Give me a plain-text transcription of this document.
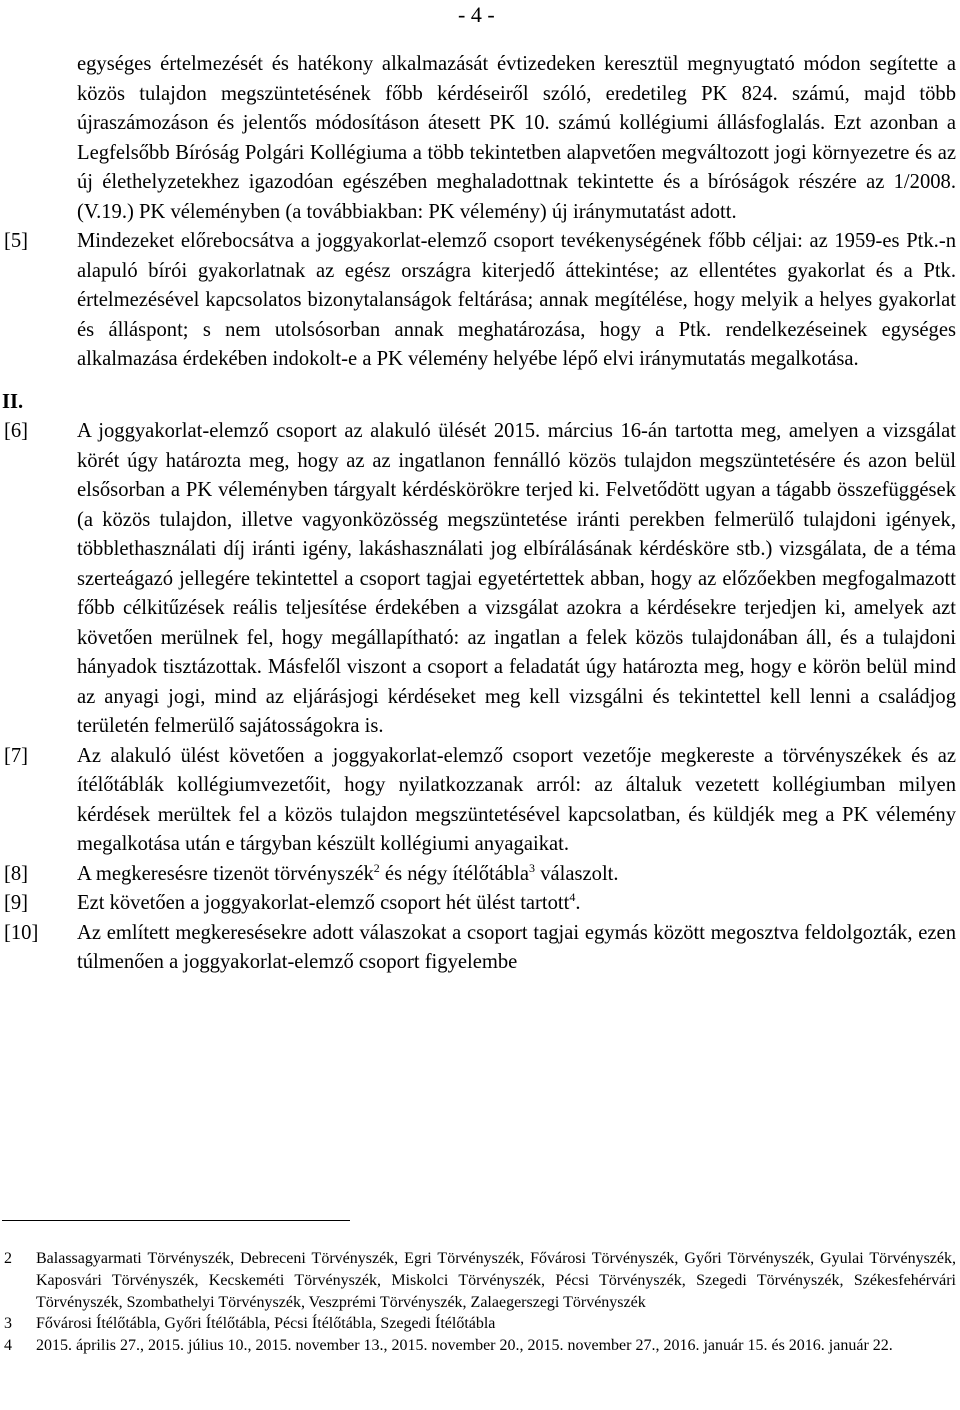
- 4 -
egységes értelmezését és hatékony alkalmazását évtizedeken keresztül megnyugtató módon segítette a közös tulajdon megszüntetésének főbb kérdéseiről szóló, eredetileg PK 824. számú, majd több újraszámozáson és jelentős módosításon átesett PK 10. számú kollégiumi állásfoglalás. Ezt azonban a Legfelsőbb Bíróság Polgári Kollégiuma a több tekintetben alapvetően megváltozott jogi környezetre és az új élethelyzetekhez igazodóan egészében meghaladottnak tekintette és a bíróságok részére az 1/2008. (V.19.) PK véleményben (a továbbiakban: PK vélemény) új iránymutatást adott.
[5] Mindezeket előrebocsátva a joggyakorlat-elemző csoport tevékenységének főbb céljai: az 1959-es Ptk.-n alapuló bírói gyakorlatnak az egész országra kiterjedő áttekintése; az ellentétes gyakorlat és a Ptk. értelmezésével kapcsolatos bizonytalanságok feltárása; annak megítélése, hogy melyik a helyes gyakorlat és álláspont; s nem utolsósorban annak meghatározása, hogy a Ptk. rendelkezéseinek egységes alkalmazása érdekében indokolt-e a PK vélemény helyébe lépő elvi iránymutatás megalkotása.
II.
[6] A joggyakorlat-elemző csoport az alakuló ülését 2015. március 16-án tartotta meg, amelyen a vizsgálat körét úgy határozta meg, hogy az az ingatlanon fennálló közös tulajdon megszüntetésére és azon belül elsősorban a PK véleményben tárgyalt kérdéskörökre terjed ki. Felvetődött ugyan a tágabb összefüggések (a közös tulajdon, illetve vagyonközösség megszüntetése iránti perekben felmerülő tulajdoni igények, többlethasználati díj iránti igény, lakáshasználati jog elbírálásának kérdésköre stb.) vizsgálata, de a téma szerteágazó jellegére tekintettel a csoport tagjai egyetértettek abban, hogy az előzőekben megfogalmazott főbb célkitűzések reális teljesítése érdekében a vizsgálat azokra a kérdésekre terjedjen ki, amelyek azt követően merülnek fel, hogy megállapítható: az ingatlan a felek közös tulajdonában áll, és a tulajdoni hányadok tisztázottak. Másfelől viszont a csoport a feladatát úgy határozta meg, hogy e körön belül mind az anyagi jogi, mind az eljárásjogi kérdéseket meg kell vizsgálni és tekintettel kell lenni a családjog területén felmerülő sajátosságokra is.
[7] Az alakuló ülést követően a joggyakorlat-elemző csoport vezetője megkereste a törvényszékek és az ítélőtáblák kollégiumvezetőit, hogy nyilatkozzanak arról: az általuk vezetett kollégiumban milyen kérdések merültek fel a közös tulajdon megszüntetésével kapcsolatban, és küldjék meg a PK vélemény megalkotása után e tárgyban készült kollégiumi anyagaikat.
[8] A megkeresésre tizenöt törvényszék$^2$ és négy ítélőtábla$^3$ válaszolt.
[9] Ezt követően a joggyakorlat-elemző csoport hét ülést tartott$^4$.
[10] Az említett megkeresésekre adott válaszokat a csoport tagjai egymás között megosztva feldolgozták, ezen túlmenően a joggyakorlat-elemző csoport figyelembe
2 Balassagyarmati Törvényszék, Debreceni Törvényszék, Egri Törvényszék, Fővárosi Törvényszék, Győri Törvényszék, Gyulai Törvényszék, Kaposvári Törvényszék, Kecskeméti Törvényszék, Miskolci Törvényszék, Pécsi Törvényszék, Szegedi Törvényszék, Székesfehérvári Törvényszék, Szombathelyi Törvényszék, Veszprémi Törvényszék, Zalaegerszegi Törvényszék
3 Fővárosi Ítélőtábla, Győri Ítélőtábla, Pécsi Ítélőtábla, Szegedi Ítélőtábla
4 2015. április 27., 2015. július 10., 2015. november 13., 2015. november 20., 2015. november 27., 2016. január 15. és 2016. január 22.
